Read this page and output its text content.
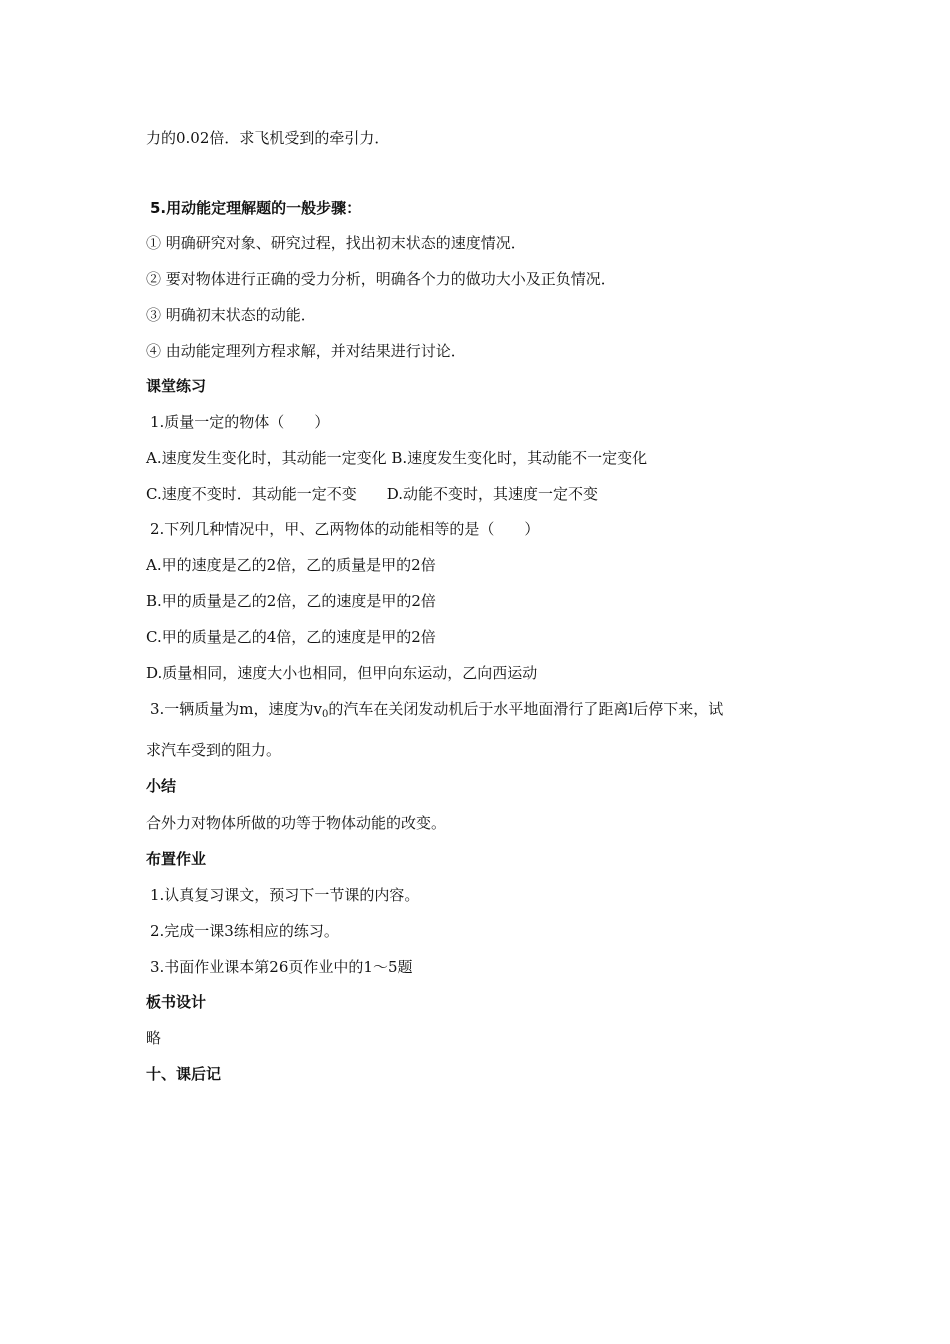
力的0.02倍．求飞机受到的牵引力．

5.用动能定理解题的一般步骤：

① 明确研究对象、研究过程，找出初末状态的速度情况．

② 要对物体进行正确的受力分析，明确各个力的做功大小及正负情况．

③ 明确初末状态的动能．

④ 由动能定理列方程求解，并对结果进行讨论．

课堂练习

1.质量一定的物体（　　）

A.速度发生变化时，其动能一定变化 B.速度发生变化时，其动能不一定变化

C.速度不变时．其动能一定不变　　D.动能不变时，其速度一定不变

2.下列几种情况中，甲、乙两物体的动能相等的是（　　）

A.甲的速度是乙的2倍，乙的质量是甲的2倍

B.甲的质量是乙的2倍，乙的速度是甲的2倍

C.甲的质量是乙的4倍，乙的速度是甲的2倍

D.质量相同，速度大小也相同，但甲向东运动，乙向西运动

3.一辆质量为m，速度为$v_0$的汽车在关闭发动机后于水平地面滑行了距离l后停下来，试

求汽车受到的阻力。

小结

合外力对物体所做的功等于物体动能的改变。

布置作业

1.认真复习课文，预习下一节课的内容。

2.完成一课3练相应的练习。

3.书面作业课本第26页作业中的1～5题

板书设计

略

十、课后记
